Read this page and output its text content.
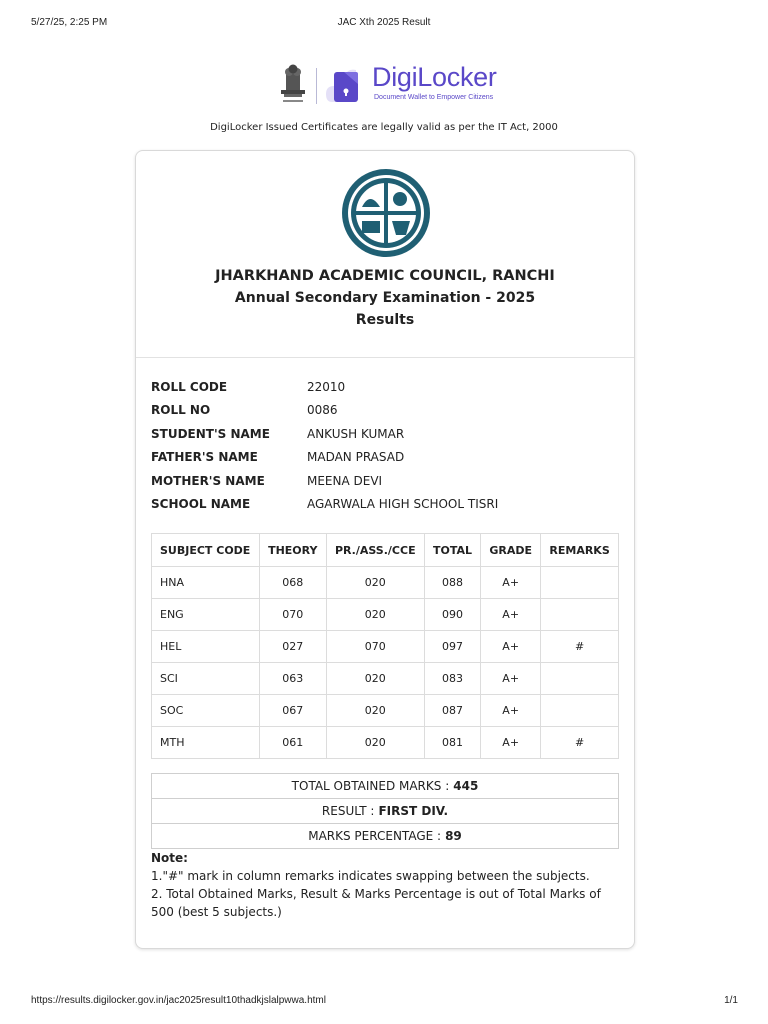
5/27/25, 2:25 PM	JAC Xth 2025 Result
DigiLocker
Document Wallet to Empower Citizens
DigiLocker Issued Certificates are legally valid as per the IT Act, 2000
JHARKHAND ACADEMIC COUNCIL, RANCHI
Annual Secondary Examination - 2025
Results
ROLL CODE	22010
ROLL NO	0086
STUDENT'S NAME	ANKUSH KUMAR
FATHER'S NAME	MADAN PRASAD
MOTHER'S NAME	MEENA DEVI
SCHOOL NAME	AGARWALA HIGH SCHOOL TISRI
SUBJECT CODE	THEORY	PR./ASS./CCE	TOTAL	GRADE	REMARKS
HNA	068	020	088	A+	
ENG	070	020	090	A+	
HEL	027	070	097	A+	#
SCI	063	020	083	A+	
SOC	067	020	087	A+	
MTH	061	020	081	A+	#
TOTAL OBTAINED MARKS : 445
RESULT : FIRST DIV.
MARKS PERCENTAGE : 89
Note:
1."#" mark in column remarks indicates swapping between the subjects.
2. Total Obtained Marks, Result & Marks Percentage is out of Total Marks of 500 (best 5 subjects.)
https://results.digilocker.gov.in/jac2025result10thadkjslalpwwa.html	1/1
